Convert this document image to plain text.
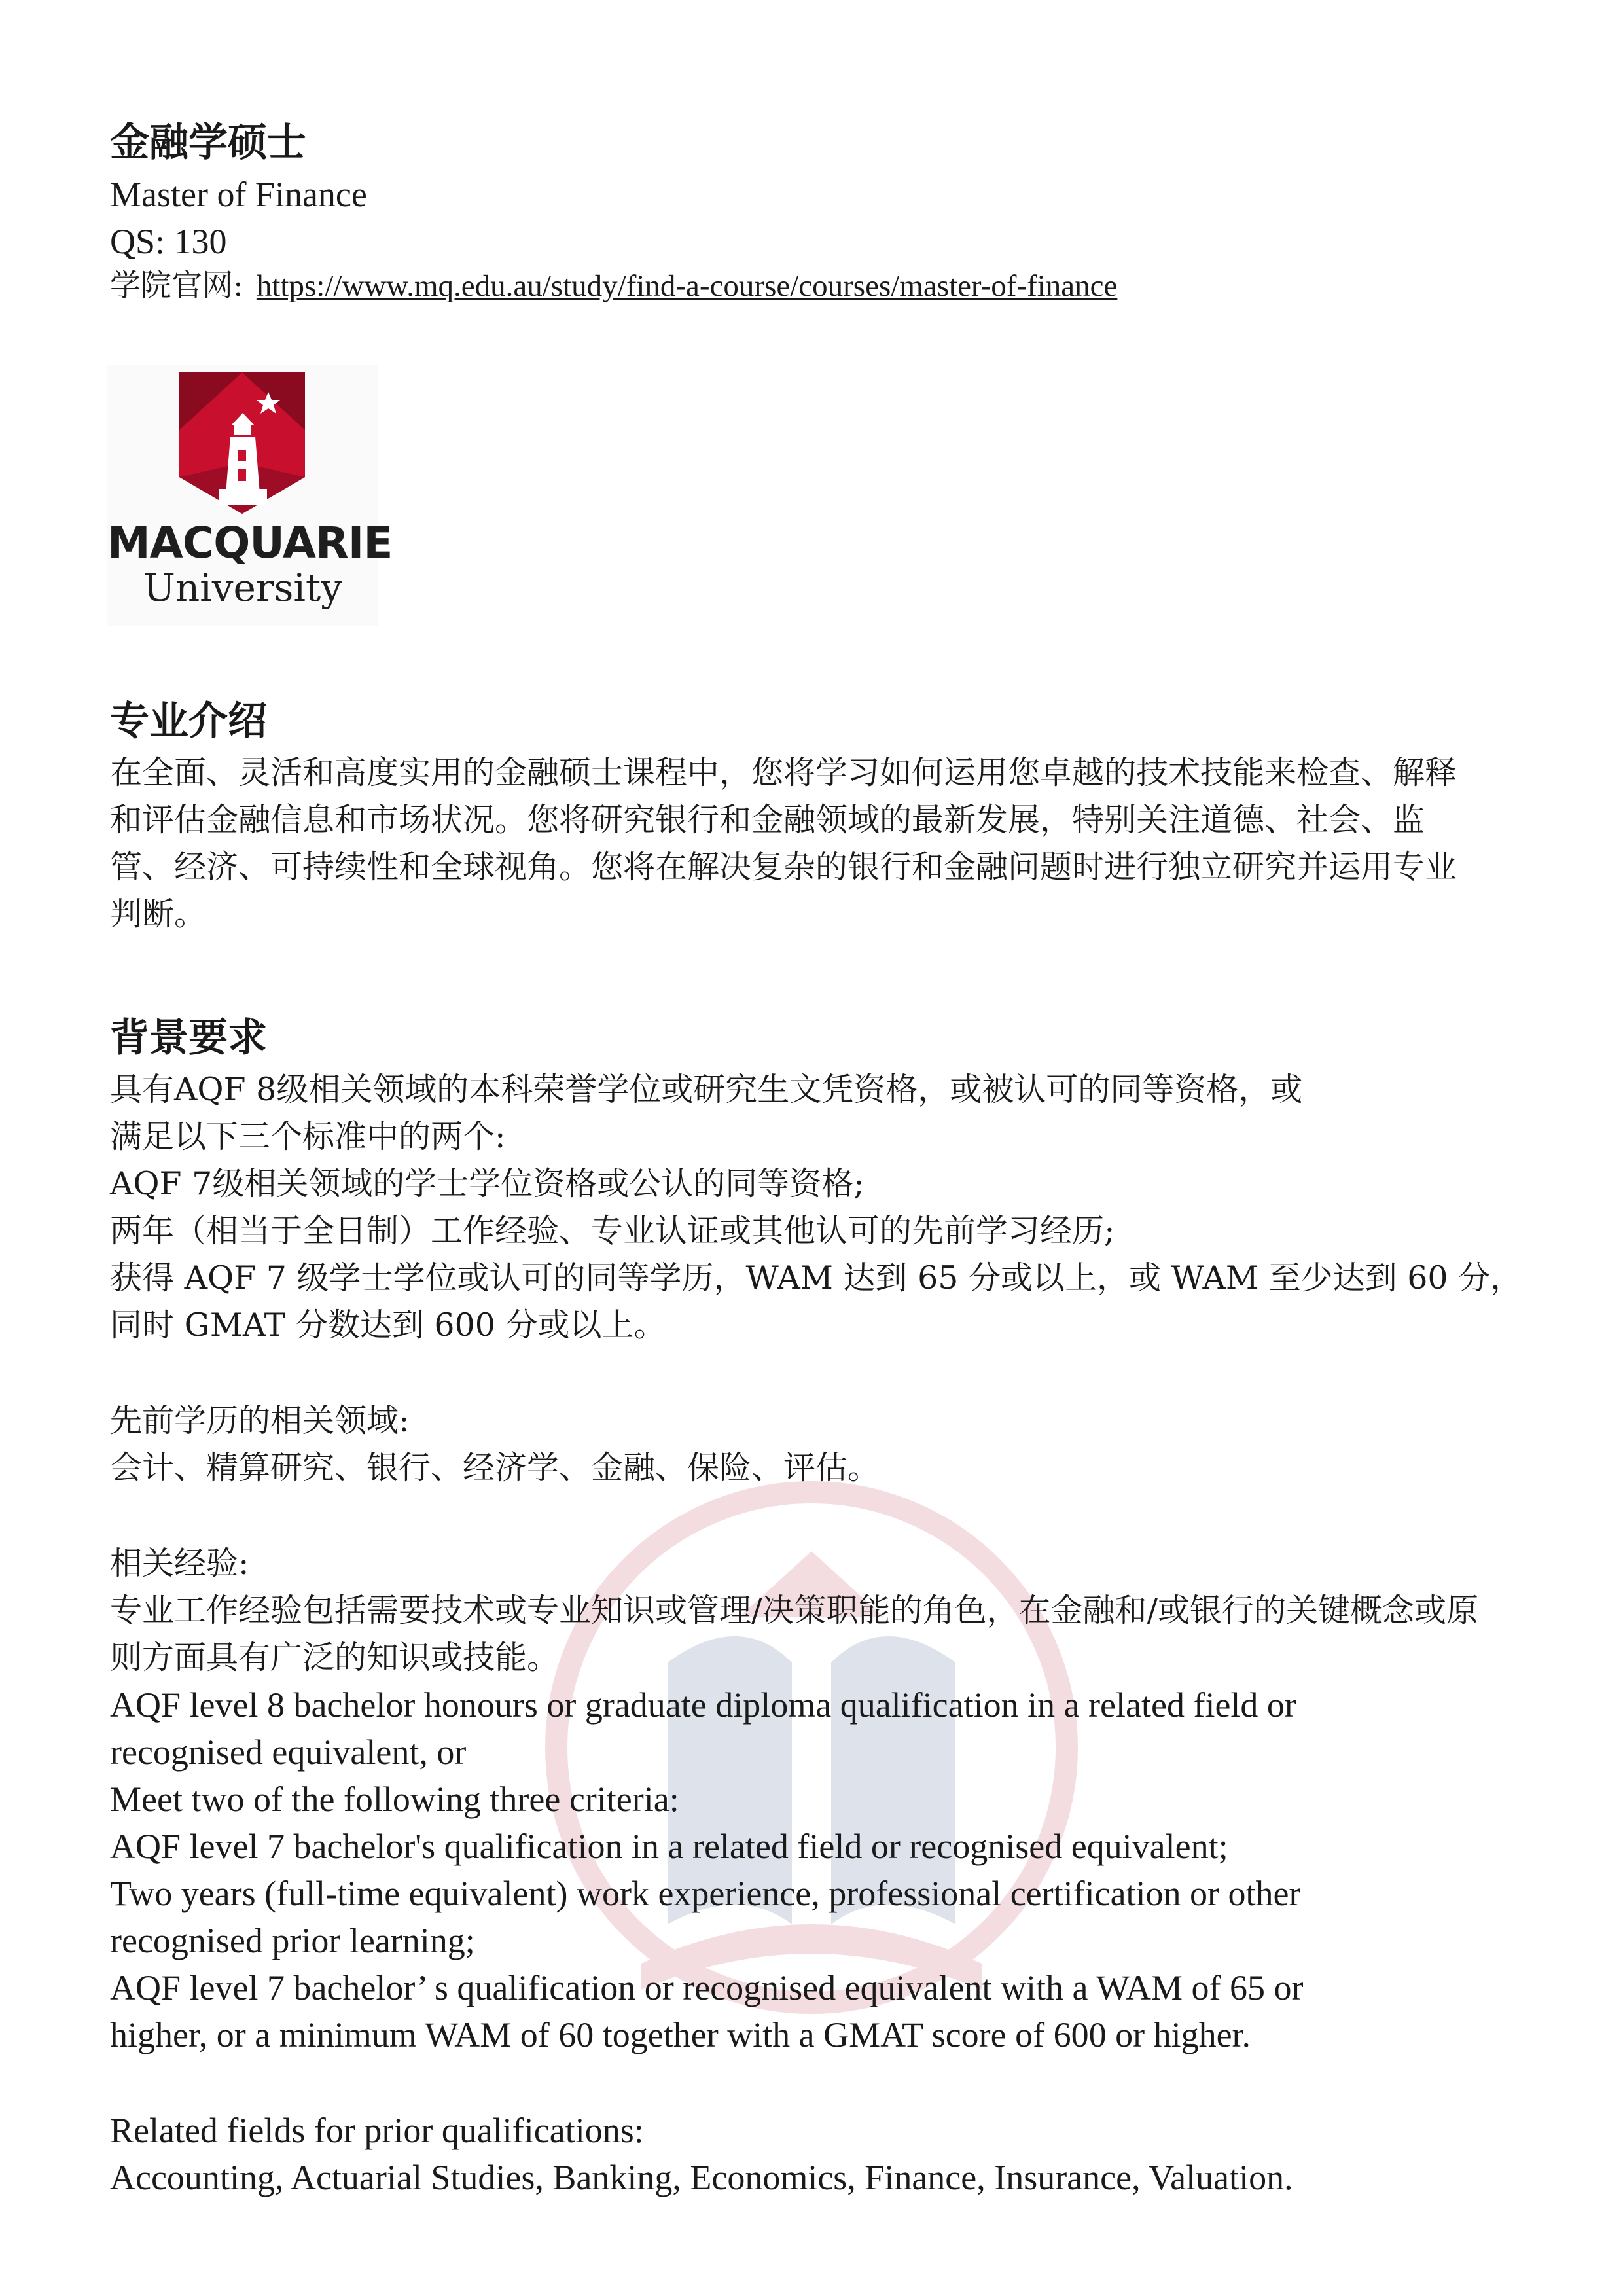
金融学硕士

Master of Finance

QS: 130

学院官网: https://www.mq.edu.au/study/find-a-course/courses/master-of-finance

MACQUARIE
University

专业介绍

在全面、灵活和高度实用的金融硕士课程中，您将学习如何运用您卓越的技术技能来检查、解释

和评估金融信息和市场状况。您将研究银行和金融领域的最新发展，特别关注道德、社会、监

管、经济、可持续性和全球视角。您将在解决复杂的银行和金融问题时进行独立研究并运用专业

判断。

背景要求

具有AQF 8级相关领域的本科荣誉学位或研究生文凭资格，或被认可的同等资格，或

满足以下三个标准中的两个:

AQF 7级相关领域的学士学位资格或公认的同等资格;

两年（相当于全日制）工作经验、专业认证或其他认可的先前学习经历;

获得 AQF 7 级学士学位或认可的同等学历，WAM 达到 65 分或以上，或 WAM 至少达到 60 分，

同时 GMAT 分数达到 600 分或以上。

先前学历的相关领域:

会计、精算研究、银行、经济学、金融、保险、评估。

相关经验:

专业工作经验包括需要技术或专业知识或管理/决策职能的角色，在金融和/或银行的关键概念或原

则方面具有广泛的知识或技能。

AQF level 8 bachelor honours or graduate diploma qualification in a related field or

recognised equivalent, or

Meet two of the following three criteria:

AQF level 7 bachelor's qualification in a related field or recognised equivalent;

Two years (full-time equivalent) work experience, professional certification or other

recognised prior learning;

AQF level 7 bachelor’ s qualification or recognised equivalent with a WAM of 65 or

higher, or a minimum WAM of 60 together with a GMAT score of 600 or higher.

Related fields for prior qualifications:

Accounting, Actuarial Studies, Banking, Economics, Finance, Insurance, Valuation.
